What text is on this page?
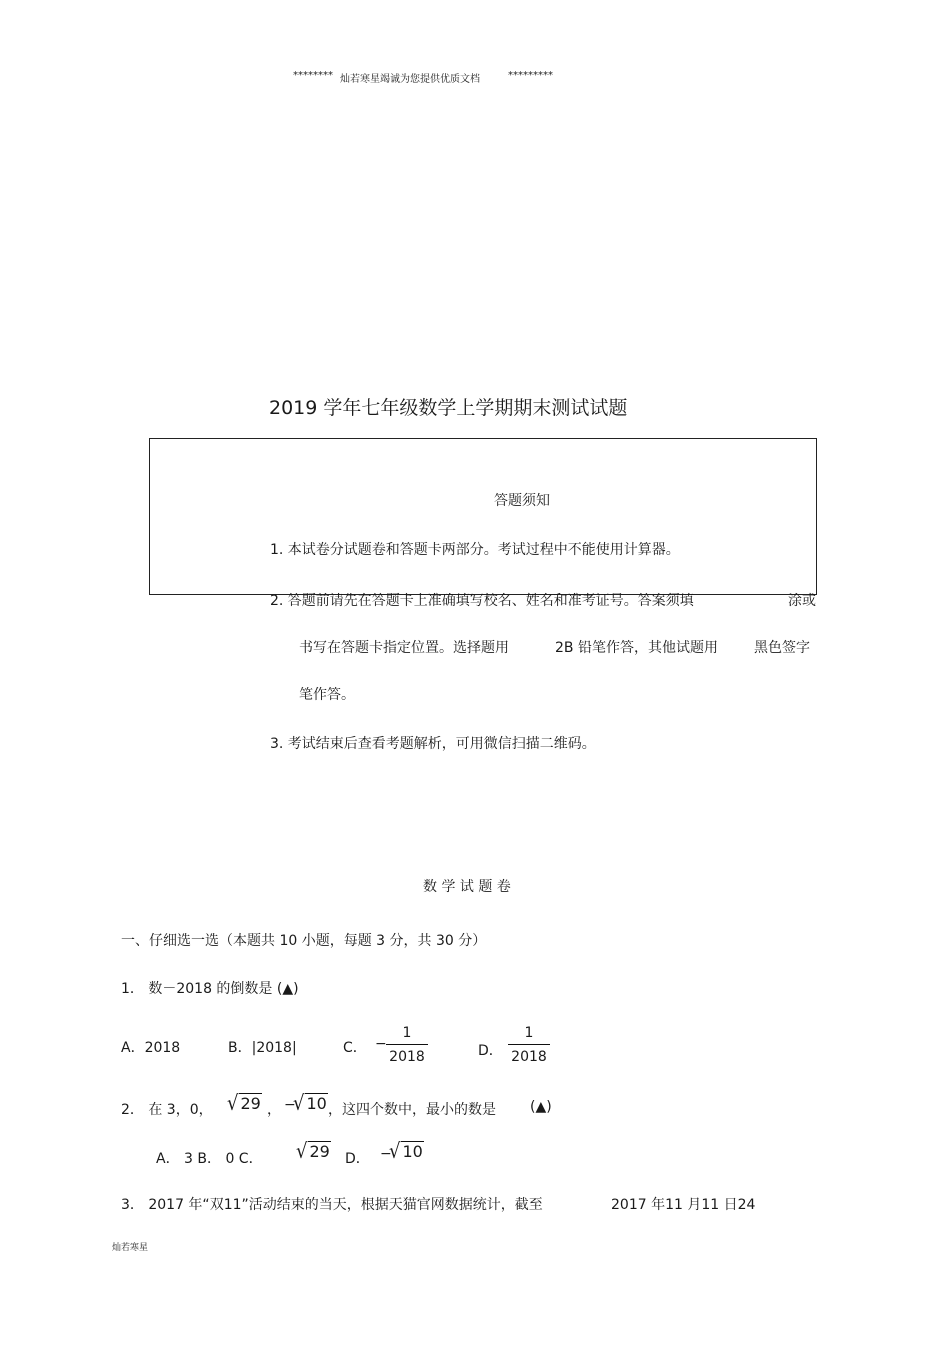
******** 灿若寒星竭诚为您提供优质文档	*********
2019 学年七年级数学上学期期末测试试题
答题须知
1. 本试卷分试题卷和答题卡两部分。考试过程中不能使用计算器。
2. 答题前请先在答题卡上准确填写校名、姓名和准考证号。答案须填	涂或
书写在答题卡指定位置。选择题用	2B 铅笔作答，其他试题用	黑色签字
笔作答。
3. 考试结束后查看考题解析，可用微信扫描二维码。
数 学 试 题 卷
一、仔细选一选（本题共 10 小题，每题 3 分，共 30 分）
1． 数－2018 的倒数是 (▲)
A．2018	B．|2018|	C． −
1
2018	D．
1
2018
2． 在 3，0， √ 29 ， −
√ 10 ，这四个数中，最小的数是 (▲)
A． 3 B． 0 C． √ 29 D． −
√ 10
3． 2017 年“双11”活动结束的当天，根据天猫官网数据统计，截至	2017 年11 月11 日24
灿若寒星
